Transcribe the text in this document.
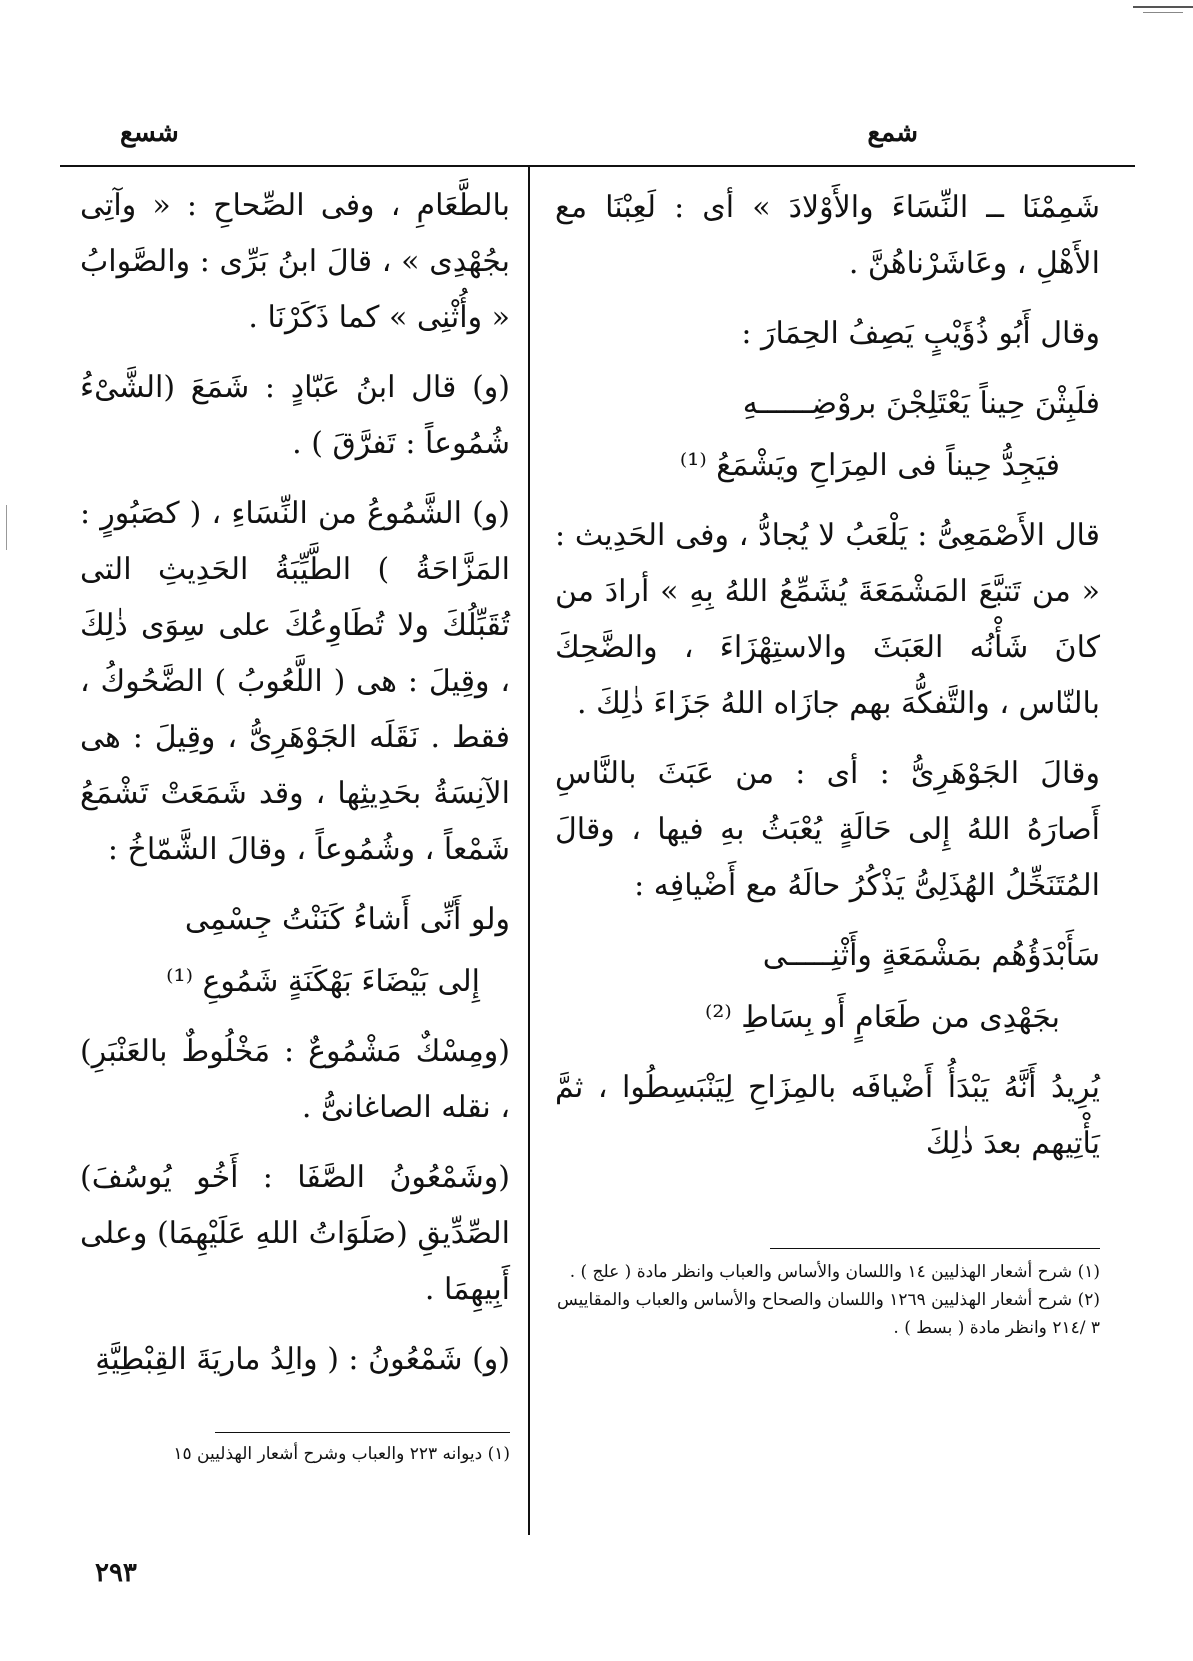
شمع
شسع

شَمِمْنَا ــ النِّسَاءَ والأَوْلادَ » أى : لَعِبْنَا مع الأَهْلِ ، وعَاشَرْناهُنَّ .

وقال أَبُو ذُؤَيْبٍ يَصِفُ الحِمَارَ :

فلَبِثْنَ حِيناً يَعْتَلِجْنَ بروْضِــــــهِ
فيَجِدُّ حِيناً فى المِرَاحِ ويَشْمَعُ ⁽¹⁾

قال الأَصْمَعِىُّ : يَلْعَبُ لا يُجادُّ ، وفى الحَدِيث : « من تَتبَّعَ المَشْمَعَةَ يُشَمِّعُ اللهُ بِهِ » أرادَ من كانَ شَأْنُه العَبَثَ والاستِهْزَاءَ ، والضَّحِكَ بالنّاس ، والتَّفكُّهَ بهم جازَاه اللهُ جَزَاءَ ذٰلِكَ .

وقالَ الجَوْهَرِىُّ : أى : من عَبَثَ بالنَّاسِ أَصارَهُ اللهُ إِلى حَالَةٍ يُعْبَثُ بهِ فيها ، وقالَ المُتَنَخِّلُ الهُذَلِىُّ يَذْكُرُ حالَهُ مع أَضْيافِه :

سَأَبْدَؤُهُم بمَشْمَعَةٍ وأَثْنِـــــى
بجَهْدِى من طَعَامٍ أَو بِسَاطِ ⁽²⁾

يُرِيدُ أَنَّهُ يَبْدَأُ أَضْيافَه بالمِزَاحِ لِيَنْبَسِطُوا ، ثمَّ يَأْتِيهم بعدَ ذٰلِكَ

(١) شرح أشعار الهذليين ١٤ واللسان والأساس والعباب وانظر مادة ( علج ) .

(٢) شرح أشعار الهذليين ١٢٦٩ واللسان والصحاح والأساس والعباب والمقاييس ٣ /٢١٤ وانظر مادة ( بسط ) .

بالطَّعَامِ ، وفى الصِّحاحِ : « وآتِى بجُهْدِى » ، قالَ ابنُ بَرِّى : والصَّوابُ « وأُثْنِى » كما ذَكَرْنَا .

(و) قال ابنُ عَبّادٍ : شَمَعَ (الشَّىْءُ شُمُوعاً : تَفرَّقَ ) .

(و) الشَّمُوعُ من النِّسَاءِ ، ( كصَبُورٍ : المَزَّاحَةُ ) الطَّيِّبَةُ الحَدِيثِ التى تُقَبِّلُكَ ولا تُطَاوِعُكَ على سِوَى ذٰلِكَ ، وقِيلَ : هى ( اللَّعُوبُ ) الضَّحُوكُ ، فقط . نَقَلَه الجَوْهَرِىُّ ، وقِيلَ : هى الآنِسَةُ بحَدِيثِها ، وقد شَمَعَتْ تَشْمَعُ شَمْعاً ، وشُمُوعاً ، وقالَ الشَّمّاخُ :

ولو أَنِّى أَشاءُ كَنَنْتُ جِسْمِى
إِلى بَيْضَاءَ بَهْكَنَةٍ شَمُوعِ ⁽¹⁾

(ومِسْكٌ مَشْمُوعٌ : مَخْلُوطٌ بالعَنْبَرِ) ، نقله الصاغانىُّ .

(وشَمْعُونُ الصَّفَا : أَخُو يُوسُفَ) الصِّدِّيقِ (صَلَوَاتُ اللهِ عَلَيْهِمَا) وعلى أَبِيهِمَا .

(و) شَمْعُونُ : ( والِدُ ماريَةَ القِبْطِيَّةِ

(١) ديوانه ٢٢٣ والعباب وشرح أشعار الهذليين ١٥

٢٩٣
